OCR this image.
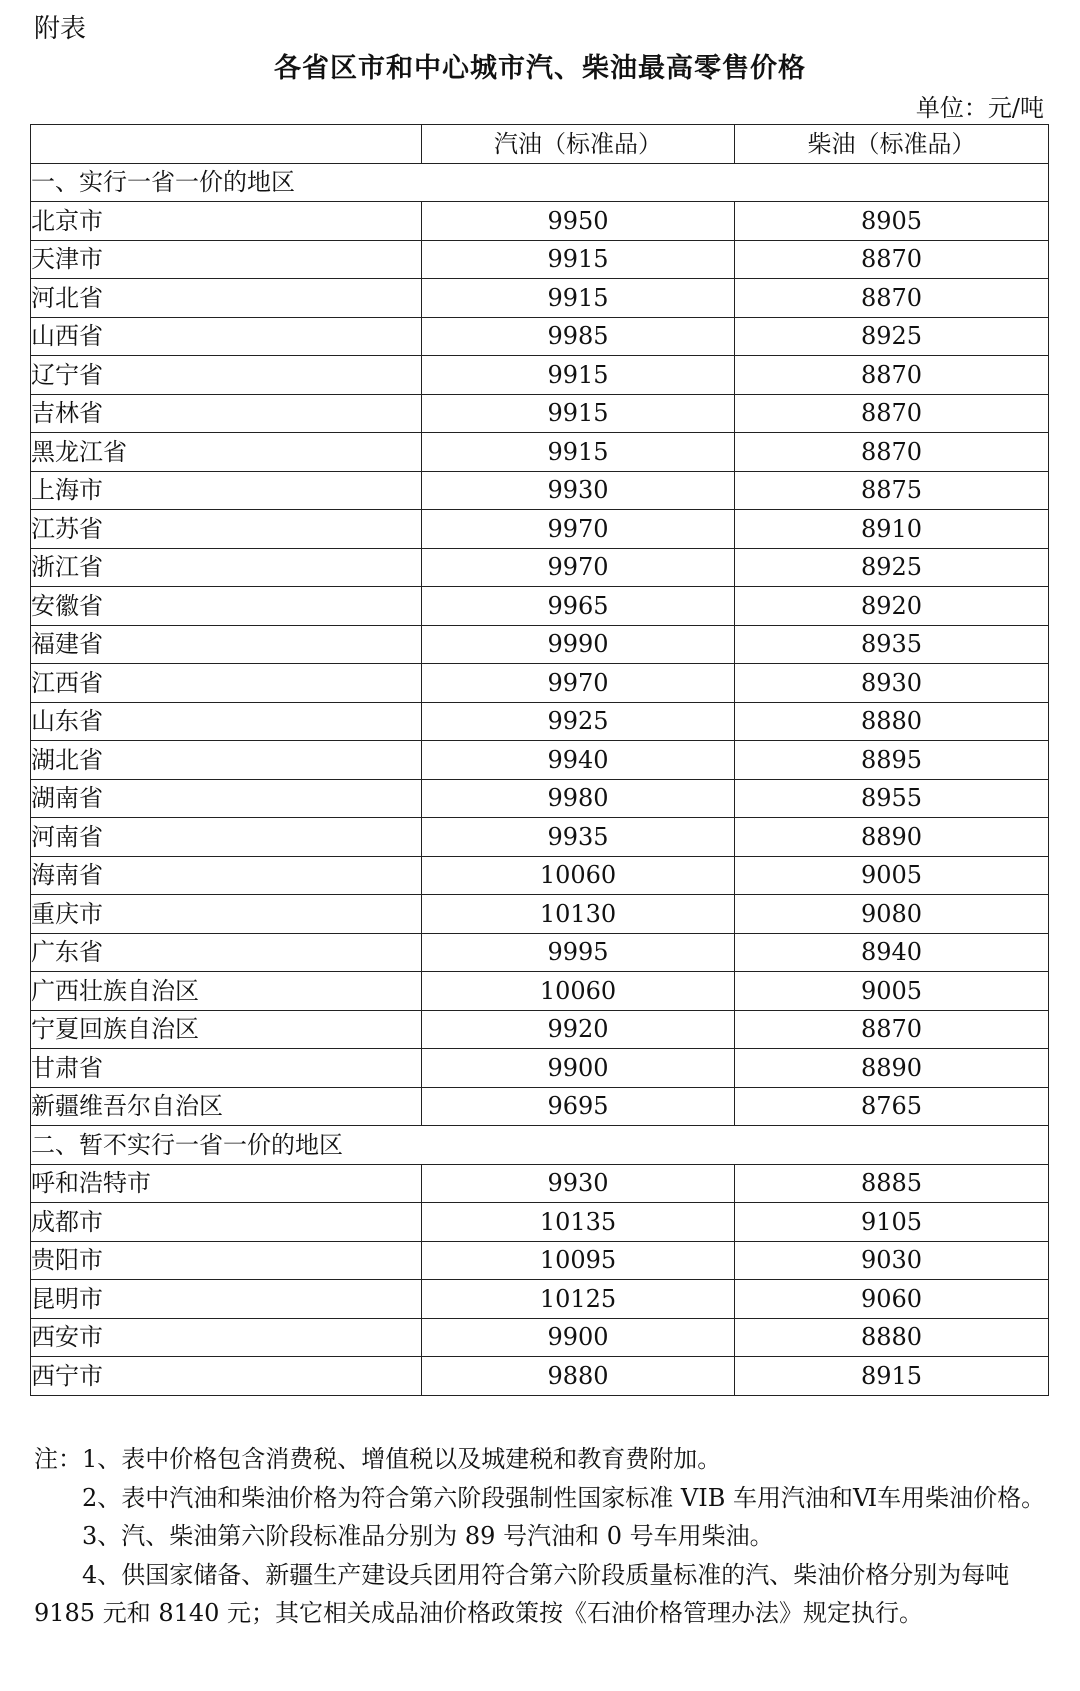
附表
各省区市和中心城市汽、柴油最高零售价格
单位：元/吨
	汽油（标准品）	柴油（标准品）
一、实行一省一价的地区		
北京市	9950	8905
天津市	9915	8870
河北省	9915	8870
山西省	9985	8925
辽宁省	9915	8870
吉林省	9915	8870
黑龙江省	9915	8870
上海市	9930	8875
江苏省	9970	8910
浙江省	9970	8925
安徽省	9965	8920
福建省	9990	8935
江西省	9970	8930
山东省	9925	8880
湖北省	9940	8895
湖南省	9980	8955
河南省	9935	8890
海南省	10060	9005
重庆市	10130	9080
广东省	9995	8940
广西壮族自治区	10060	9005
宁夏回族自治区	9920	8870
甘肃省	9900	8890
新疆维吾尔自治区	9695	8765
二、暂不实行一省一价的地区		
呼和浩特市	9930	8885
成都市	10135	9105
贵阳市	10095	9030
昆明市	10125	9060
西安市	9900	8880
西宁市	9880	8915

注：1、表中价格包含消费税、增值税以及城建税和教育费附加。

2、表中汽油和柴油价格为符合第六阶段强制性国家标准 VIB 车用汽油和Ⅵ车用柴油价格。

3、汽、柴油第六阶段标准品分别为 89 号汽油和 0 号车用柴油。

4、供国家储备、新疆生产建设兵团用符合第六阶段质量标准的汽、柴油价格分别为每吨 9185 元和 8140 元；其它相关成品油价格政策按《石油价格管理办法》规定执行。
